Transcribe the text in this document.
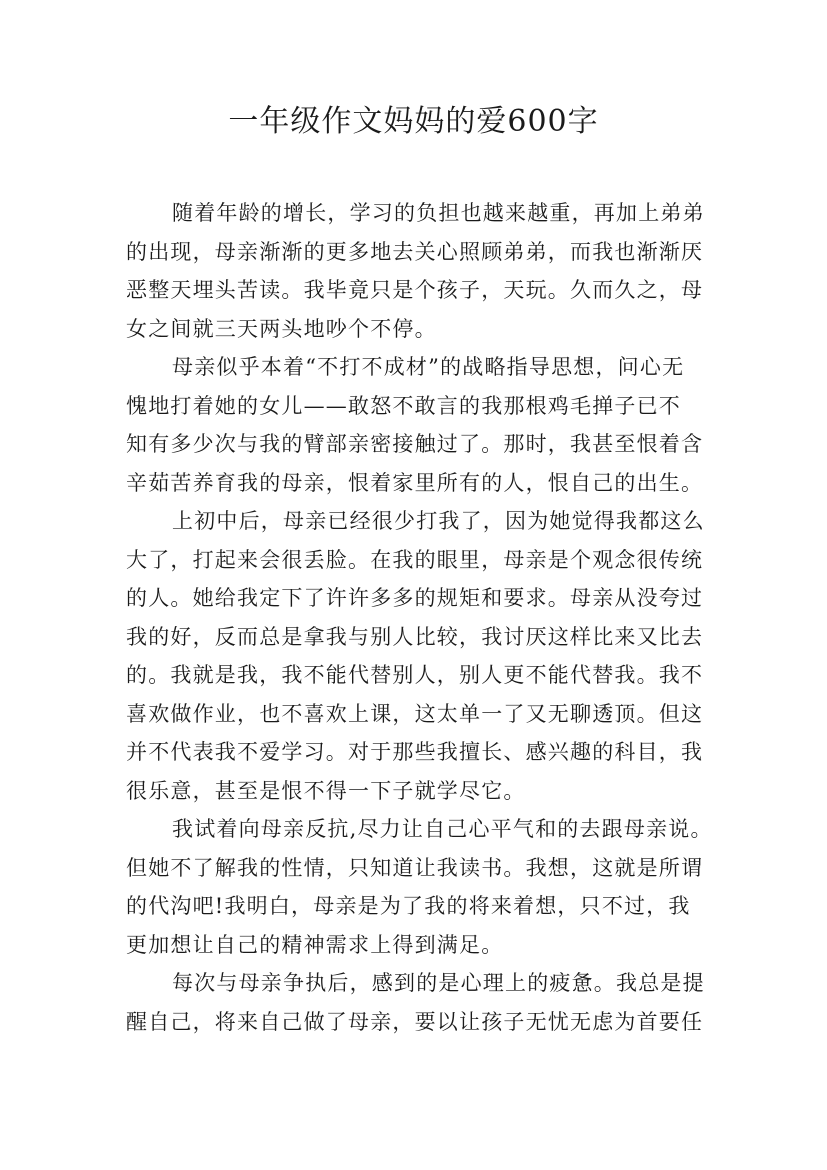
一年级作文妈妈的爱600字
随着年龄的增长，学习的负担也越来越重，再加上弟弟
的出现，母亲渐渐的更多地去关心照顾弟弟，而我也渐渐厌
恶整天埋头苦读。我毕竟只是个孩子，天玩。久而久之，母
女之间就三天两头地吵个不停。
母亲似乎本着“不打不成材”的战略指导思想，问心无
愧地打着她的女儿——敢怒不敢言的我那根鸡毛掸子已不
知有多少次与我的臂部亲密接触过了。那时，我甚至恨着含
辛茹苦养育我的母亲，恨着家里所有的人，恨自己的出生。
上初中后，母亲已经很少打我了，因为她觉得我都这么
大了，打起来会很丢脸。在我的眼里，母亲是个观念很传统
的人。她给我定下了许许多多的规矩和要求。母亲从没夸过
我的好，反而总是拿我与别人比较，我讨厌这样比来又比去
的。我就是我，我不能代替别人，别人更不能代替我。我不
喜欢做作业，也不喜欢上课，这太单一了又无聊透顶。但这
并不代表我不爱学习。对于那些我擅长、感兴趣的科目，我
很乐意，甚至是恨不得一下子就学尽它。
我试着向母亲反抗,尽力让自己心平气和的去跟母亲说。
但她不了解我的性情，只知道让我读书。我想，这就是所谓
的代沟吧!我明白，母亲是为了我的将来着想，只不过，我
更加想让自己的精神需求上得到满足。
每次与母亲争执后，感到的是心理上的疲惫。我总是提
醒自己，将来自己做了母亲，要以让孩子无忧无虑为首要任
